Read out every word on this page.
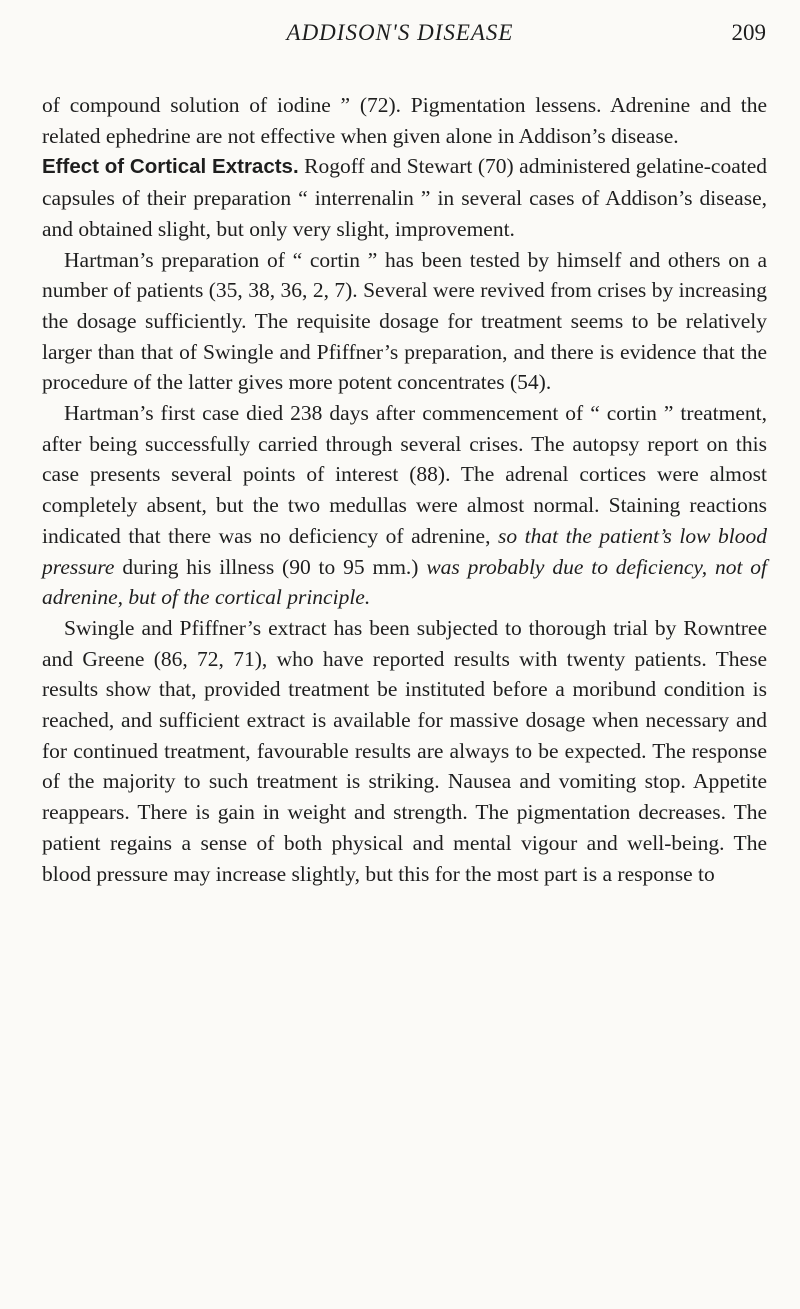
ADDISON'S DISEASE	209

of compound solution of iodine ” (72). Pigmentation lessens. Adrenine and the related ephedrine are not effective when given alone in Addison’s disease.

Effect of Cortical Extracts. Rogoff and Stewart (70) administered gelatine-coated capsules of their preparation “ interrenalin ” in several cases of Addison’s disease, and obtained slight, but only very slight, improvement.

Hartman’s preparation of “ cortin ” has been tested by himself and others on a number of patients (35, 38, 36, 2, 7). Several were revived from crises by increasing the dosage sufficiently. The requisite dosage for treatment seems to be relatively larger than that of Swingle and Pfiffner’s preparation, and there is evidence that the procedure of the latter gives more potent concentrates (54).

Hartman’s first case died 238 days after commencement of “ cortin ” treatment, after being successfully carried through several crises. The autopsy report on this case presents several points of interest (88). The adrenal cortices were almost completely absent, but the two medullas were almost normal. Staining reactions indicated that there was no deficiency of adrenine, so that the patient’s low blood pressure during his illness (90 to 95 mm.) was probably due to deficiency, not of adrenine, but of the cortical principle.

Swingle and Pfiffner’s extract has been subjected to thorough trial by Rowntree and Greene (86, 72, 71), who have reported results with twenty patients. These results show that, provided treatment be instituted before a moribund condition is reached, and sufficient extract is available for massive dosage when necessary and for continued treatment, favourable results are always to be expected. The response of the majority to such treatment is striking. Nausea and vomiting stop. Appetite reappears. There is gain in weight and strength. The pigmentation decreases. The patient regains a sense of both physical and mental vigour and well-being. The blood pressure may increase slightly, but this for the most part is a response to
